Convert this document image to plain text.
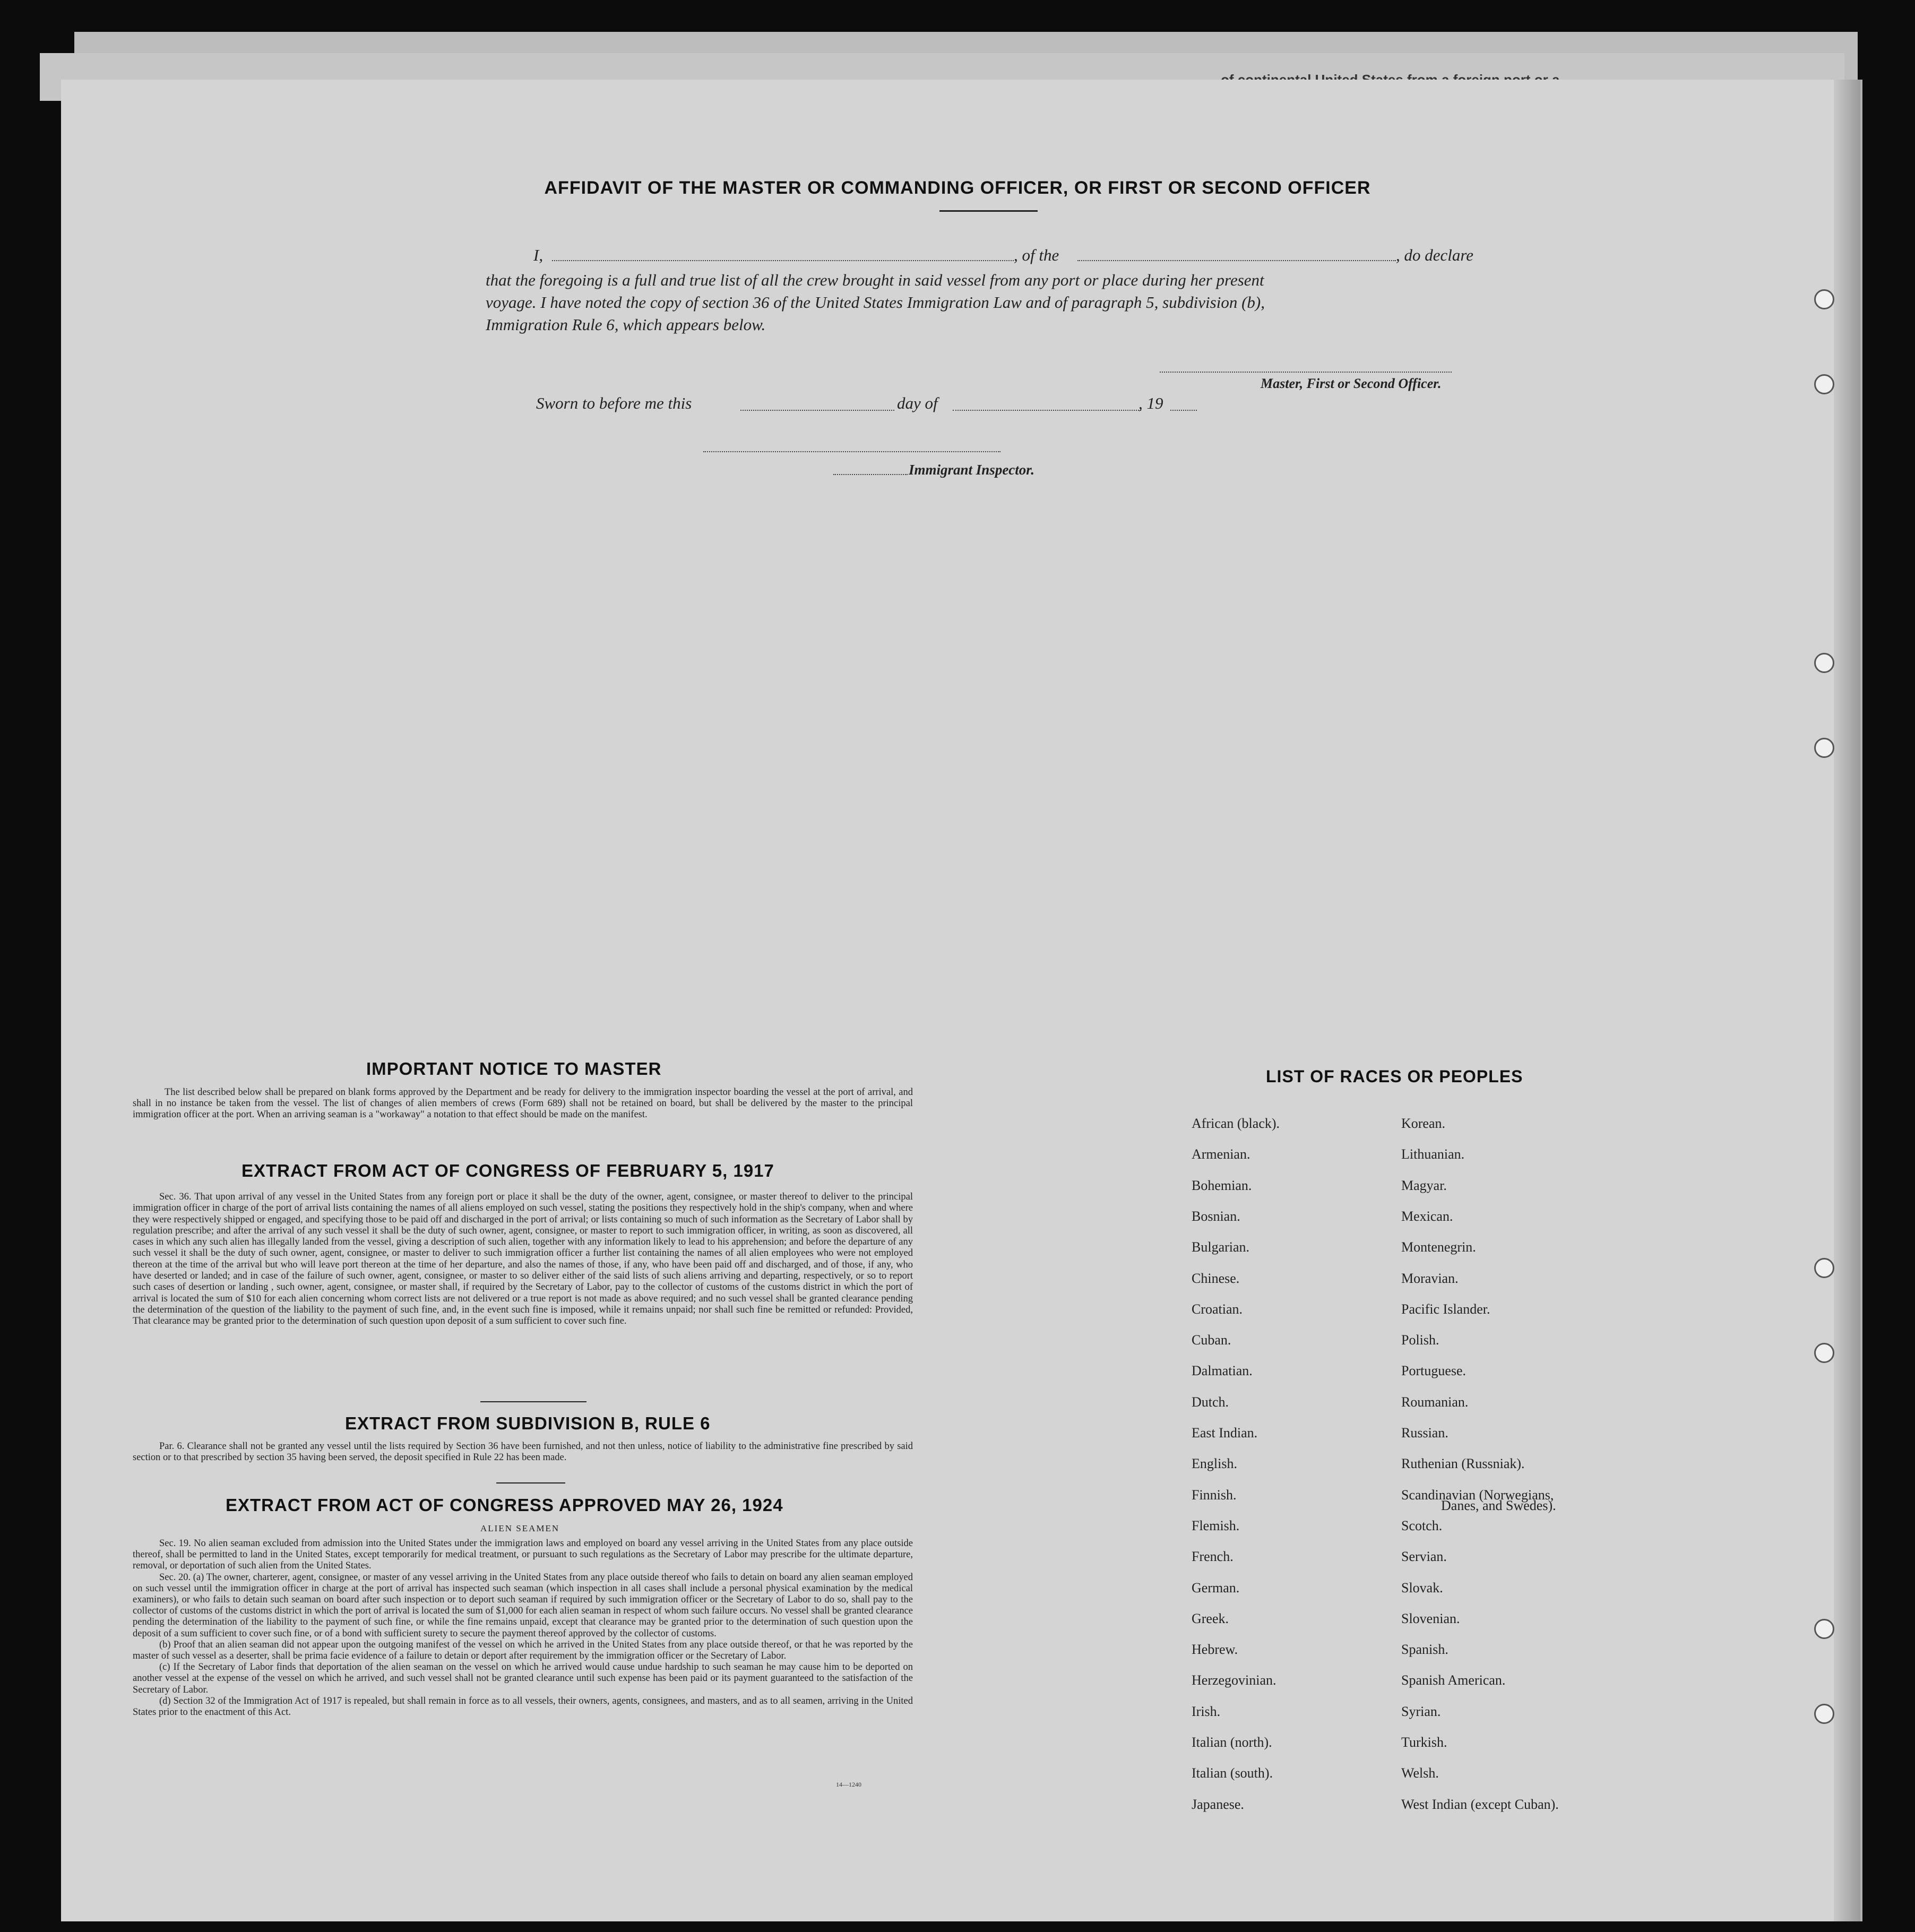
AFFIDAVIT OF THE MASTER OR COMMANDING OFFICER, OR FIRST OR SECOND OFFICER
I,	, of the	, do declare
that the foregoing is a full and true list of all the crew brought in said vessel from any port or place during her present
voyage. I have noted the copy of section 36 of the United States Immigration Law and of paragraph 5, subdivision (b),
Immigration Rule 6, which appears below.
Master, First or Second Officer.
Sworn to before me this	day of	, 19
Immigrant Inspector.
IMPORTANT NOTICE TO MASTER
The list described below shall be prepared on blank forms approved by the Department and be ready for delivery to the immigration inspector boarding the vessel at the port of arrival, and shall in no instance be taken from the vessel. The list of changes of alien members of crews (Form 689) shall not be retained on board, but shall be delivered by the master to the principal immigration officer at the port. When an arriving seaman is a "workaway" a notation to that effect should be made on the manifest.
EXTRACT FROM ACT OF CONGRESS OF FEBRUARY 5, 1917
Sec. 36. That upon arrival of any vessel in the United States from any foreign port or place it shall be the duty of the owner, agent, consignee, or master thereof to deliver to the principal immigration officer in charge of the port of arrival lists containing the names of all aliens employed on such vessel, stating the positions they respectively hold in the ship's company, when and where they were respectively shipped or engaged, and specifying those to be paid off and discharged in the port of arrival; or lists containing so much of such information as the Secretary of Labor shall by regulation prescribe; and after the arrival of any such vessel it shall be the duty of such owner, agent, consignee, or master to report to such immigration officer, in writing, as soon as discovered, all cases in which any such alien has illegally landed from the vessel, giving a description of such alien, together with any information likely to lead to his apprehension; and before the departure of any such vessel it shall be the duty of such owner, agent, consignee, or master to deliver to such immigration officer a further list containing the names of all alien employees who were not employed thereon at the time of the arrival but who will leave port thereon at the time of her departure, and also the names of those, if any, who have been paid off and discharged, and of those, if any, who have deserted or landed; and in case of the failure of such owner, agent, consignee, or master to so deliver either of the said lists of such aliens arriving and departing, respectively, or so to report such cases of desertion or landing , such owner, agent, consignee, or master shall, if required by the Secretary of Labor, pay to the collector of customs of the customs district in which the port of arrival is located the sum of $10 for each alien concerning whom correct lists are not delivered or a true report is not made as above required; and no such vessel shall be granted clearance pending the determination of the question of the liability to the payment of such fine, and, in the event such fine is imposed, while it remains unpaid; nor shall such fine be remitted or refunded: Provided, That clearance may be granted prior to the determination of such question upon deposit of a sum sufficient to cover such fine.
EXTRACT FROM SUBDIVISION B, RULE 6
Par. 6. Clearance shall not be granted any vessel until the lists required by Section 36 have been furnished, and not then unless, notice of liability to the administrative fine prescribed by said section or to that prescribed by section 35 having been served, the deposit specified in Rule 22 has been made.
EXTRACT FROM ACT OF CONGRESS APPROVED MAY 26, 1924
ALIEN SEAMEN
Sec. 19. No alien seaman excluded from admission into the United States under the immigration laws and employed on board any vessel arriving in the United States from any place outside thereof, shall be permitted to land in the United States, except temporarily for medical treatment, or pursuant to such regulations as the Secretary of Labor may prescribe for the ultimate departure, removal, or deportation of such alien from the United States.
Sec. 20. (a) The owner, charterer, agent, consignee, or master of any vessel arriving in the United States from any place outside thereof who fails to detain on board any alien seaman employed on such vessel until the immigration officer in charge at the port of arrival has inspected such seaman (which inspection in all cases shall include a personal physical examination by the medical examiners), or who fails to detain such seaman on board after such inspection or to deport such seaman if required by such immigration officer or the Secretary of Labor to do so, shall pay to the collector of customs of the customs district in which the port of arrival is located the sum of $1,000 for each alien seaman in respect of whom such failure occurs. No vessel shall be granted clearance pending the determination of the liability to the payment of such fine, or while the fine remains unpaid, except that clearance may be granted prior to the determination of such question upon the deposit of a sum sufficient to cover such fine, or of a bond with sufficient surety to secure the payment thereof approved by the collector of customs.
(b) Proof that an alien seaman did not appear upon the outgoing manifest of the vessel on which he arrived in the United States from any place outside thereof, or that he was reported by the master of such vessel as a deserter, shall be prima facie evidence of a failure to detain or deport after requirement by the immigration officer or the Secretary of Labor.
(c) If the Secretary of Labor finds that deportation of the alien seaman on the vessel on which he arrived would cause undue hardship to such seaman he may cause him to be deported on another vessel at the expense of the vessel on which he arrived, and such vessel shall not be granted clearance until such expense has been paid or its payment guaranteed to the satisfaction of the Secretary of Labor.
(d) Section 32 of the Immigration Act of 1917 is repealed, but shall remain in force as to all vessels, their owners, agents, consignees, and masters, and as to all seamen, arriving in the United States prior to the enactment of this Act.
14—1240
LIST OF RACES OR PEOPLES
African (black).
Armenian.
Bohemian.
Bosnian.
Bulgarian.
Chinese.
Croatian.
Cuban.
Dalmatian.
Dutch.
East Indian.
English.
Finnish.
Flemish.
French.
German.
Greek.
Hebrew.
Herzegovinian.
Irish.
Italian (north).
Italian (south).
Japanese.
Korean.
Lithuanian.
Magyar.
Mexican.
Montenegrin.
Moravian.
Pacific Islander.
Polish.
Portuguese.
Roumanian.
Russian.
Ruthenian (Russniak).
Scandinavian (Norwegians,
Scotch.
Servian.
Slovak.
Slovenian.
Spanish.
Spanish American.
Syrian.
Turkish.
Welsh.
West Indian (except Cuban).
Danes, and Swedes).
